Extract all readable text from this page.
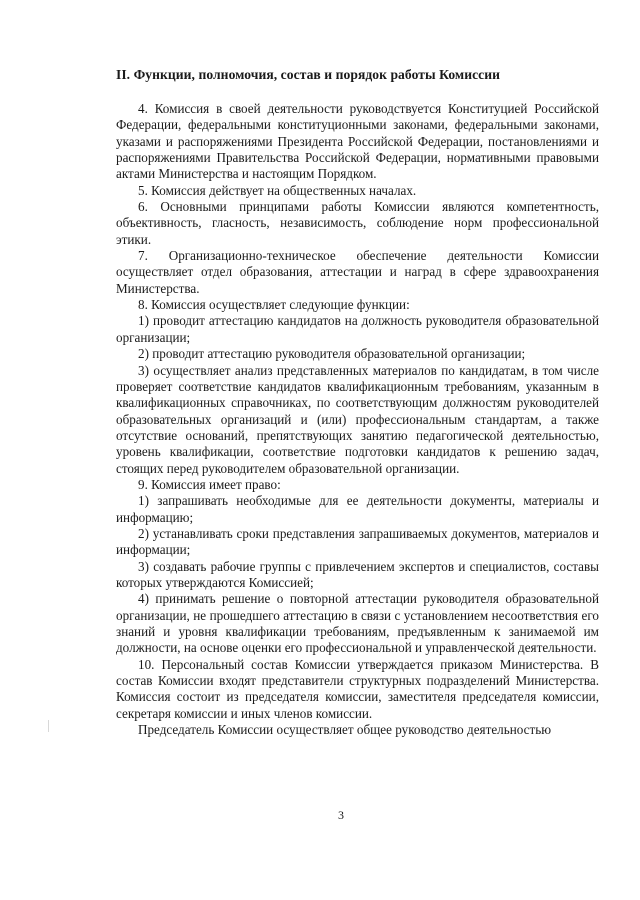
II. Функции, полномочия, состав и порядок работы Комиссии

4. Комиссия в своей деятельности руководствуется Конституцией Российской Федерации, федеральными конституционными законами, федеральными законами, указами и распоряжениями Президента Российской Федерации, постановлениями и распоряжениями Правительства Российской Федерации, нормативными правовыми актами Министерства и настоящим Порядком.

5. Комиссия действует на общественных началах.

6. Основными принципами работы Комиссии являются компетентность, объективность, гласность, независимость, соблюдение норм профессиональной этики.

7. Организационно-техническое обеспечение деятельности Комиссии осуществляет отдел образования, аттестации и наград в сфере здравоохранения Министерства.

8. Комиссия осуществляет следующие функции:

1) проводит аттестацию кандидатов на должность руководителя образовательной организации;

2) проводит аттестацию руководителя образовательной организации;

3) осуществляет анализ представленных материалов по кандидатам, в том числе проверяет соответствие кандидатов квалификационным требованиям, указанным в квалификационных справочниках, по соответствующим должностям руководителей образовательных организаций и (или) профессиональным стандартам, а также отсутствие оснований, препятствующих занятию педагогической деятельностью, уровень квалификации, соответствие подготовки кандидатов к решению задач, стоящих перед руководителем образовательной организации.

9. Комиссия имеет право:

1) запрашивать необходимые для ее деятельности документы, материалы и информацию;

2) устанавливать сроки представления запрашиваемых документов, материалов и информации;

3) создавать рабочие группы с привлечением экспертов и специалистов, составы которых утверждаются Комиссией;

4) принимать решение о повторной аттестации руководителя образовательной организации, не прошедшего аттестацию в связи с установлением несоответствия его знаний и уровня квалификации требованиям, предъявленным к занимаемой им должности, на основе оценки его профессиональной и управленческой деятельности.

10. Персональный состав Комиссии утверждается приказом Министерства. В состав Комиссии входят представители структурных подразделений Министерства. Комиссия состоит из председателя комиссии, заместителя председателя комиссии, секретаря комиссии и иных членов комиссии.

Председатель Комиссии осуществляет общее руководство деятельностью

3
